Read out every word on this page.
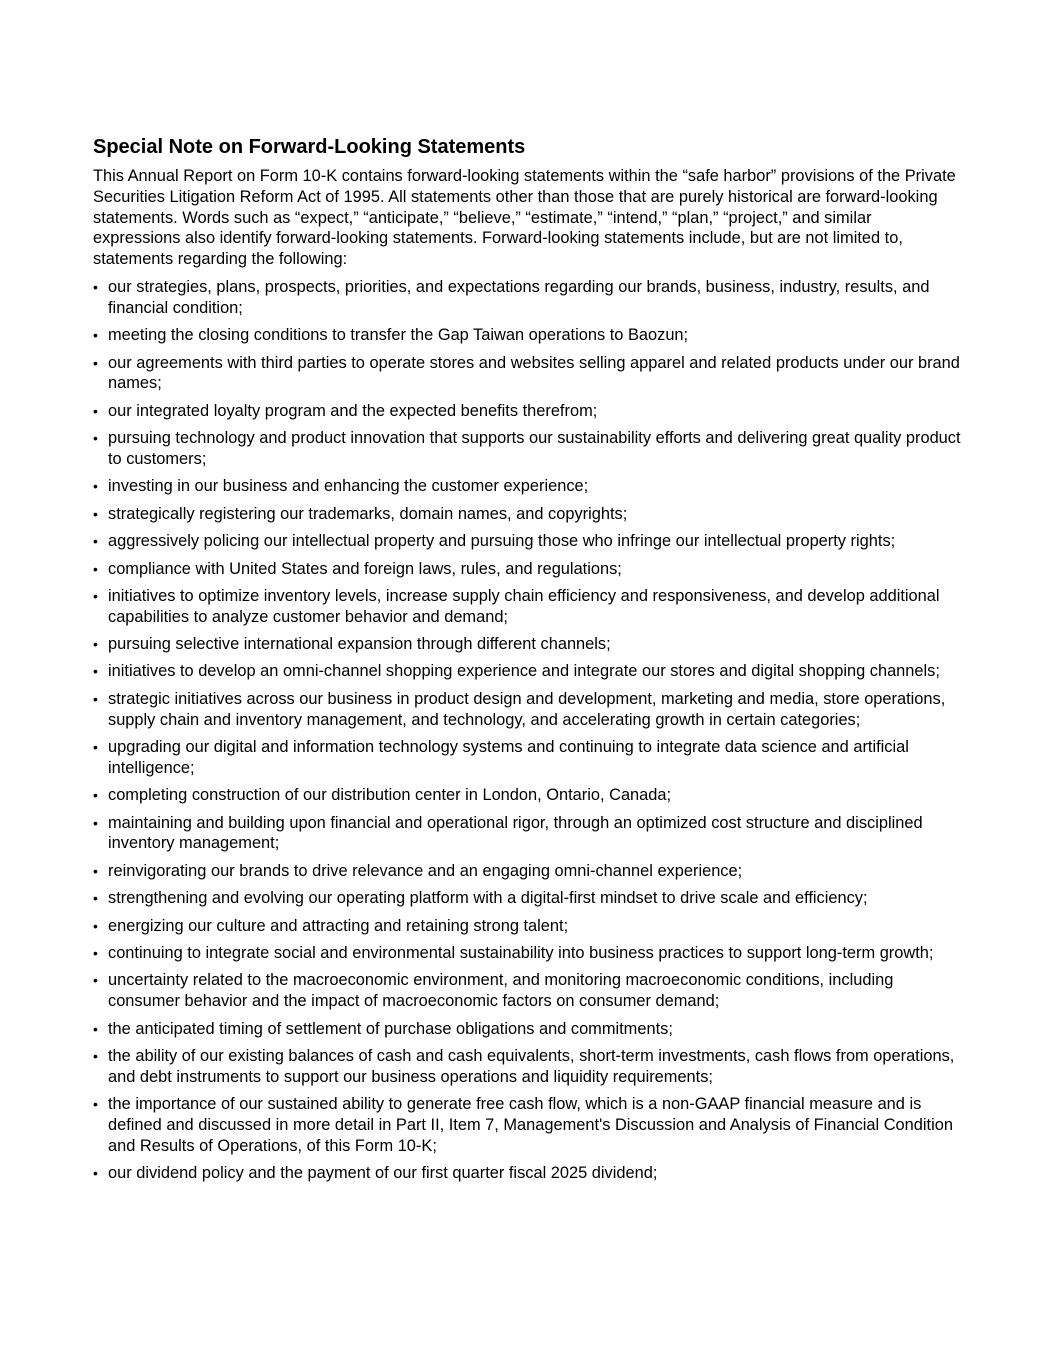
Special Note on Forward-Looking Statements

This Annual Report on Form 10-K contains forward-looking statements within the “safe harbor” provisions of the Private Securities Litigation Reform Act of 1995. All statements other than those that are purely historical are forward-looking statements. Words such as “expect,” “anticipate,” “believe,” “estimate,” “intend,” “plan,” “project,” and similar expressions also identify forward-looking statements. Forward-looking statements include, but are not limited to, statements regarding the following:

• our strategies, plans, prospects, priorities, and expectations regarding our brands, business, industry, results, and financial condition;
• meeting the closing conditions to transfer the Gap Taiwan operations to Baozun;
• our agreements with third parties to operate stores and websites selling apparel and related products under our brand names;
• our integrated loyalty program and the expected benefits therefrom;
• pursuing technology and product innovation that supports our sustainability efforts and delivering great quality product to customers;
• investing in our business and enhancing the customer experience;
• strategically registering our trademarks, domain names, and copyrights;
• aggressively policing our intellectual property and pursuing those who infringe our intellectual property rights;
• compliance with United States and foreign laws, rules, and regulations;
• initiatives to optimize inventory levels, increase supply chain efficiency and responsiveness, and develop additional capabilities to analyze customer behavior and demand;
• pursuing selective international expansion through different channels;
• initiatives to develop an omni-channel shopping experience and integrate our stores and digital shopping channels;
• strategic initiatives across our business in product design and development, marketing and media, store operations, supply chain and inventory management, and technology, and accelerating growth in certain categories;
• upgrading our digital and information technology systems and continuing to integrate data science and artificial intelligence;
• completing construction of our distribution center in London, Ontario, Canada;
• maintaining and building upon financial and operational rigor, through an optimized cost structure and disciplined inventory management;
• reinvigorating our brands to drive relevance and an engaging omni-channel experience;
• strengthening and evolving our operating platform with a digital-first mindset to drive scale and efficiency;
• energizing our culture and attracting and retaining strong talent;
• continuing to integrate social and environmental sustainability into business practices to support long-term growth;
• uncertainty related to the macroeconomic environment, and monitoring macroeconomic conditions, including consumer behavior and the impact of macroeconomic factors on consumer demand;
• the anticipated timing of settlement of purchase obligations and commitments;
• the ability of our existing balances of cash and cash equivalents, short-term investments, cash flows from operations, and debt instruments to support our business operations and liquidity requirements;
• the importance of our sustained ability to generate free cash flow, which is a non-GAAP financial measure and is defined and discussed in more detail in Part II, Item 7, Management's Discussion and Analysis of Financial Condition and Results of Operations, of this Form 10-K;
• our dividend policy and the payment of our first quarter fiscal 2025 dividend;
